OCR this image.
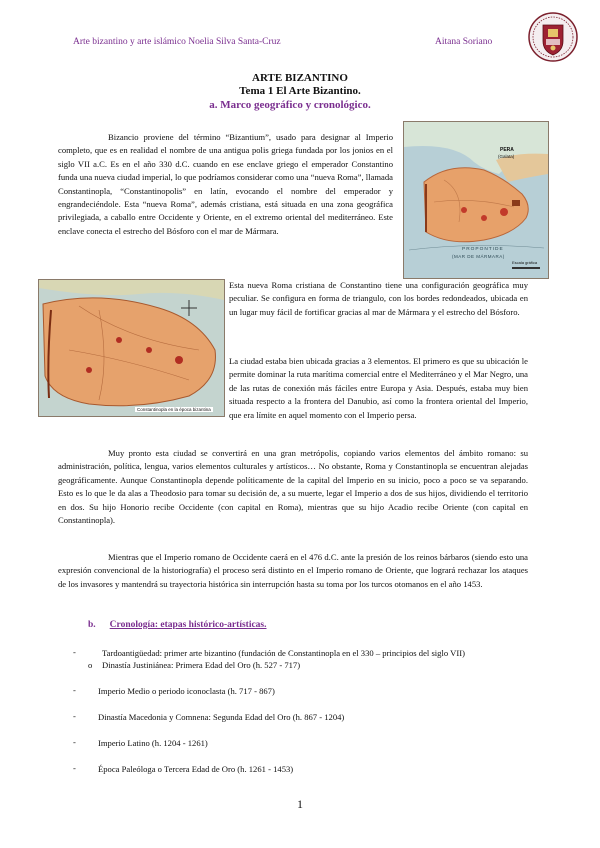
Arte bizantino y arte islámico Noelia Silva Santa-Cruz	Aitana Soriano
ARTE BIZANTINO
Tema 1 El Arte Bizantino.
a. Marco geográfico y cronológico.
Bizancio proviene del término “Bizantium”, usado para designar al Imperio completo, que es en realidad el nombre de una antigua polis griega fundada por los jonios en el siglo VII a.C. Es en el año 330 d.C. cuando en ese enclave griego el emperador Constantino funda una nueva ciudad imperial, lo que podríamos considerar como una “nueva Roma”, llamada Constantinopla, “Constantinopolis” en latín, evocando el nombre del emperador y engrandeciéndole. Esta “nueva Roma”, además cristiana, está situada en una zona geográfica privilegiada, a caballo entre Occidente y Oriente, en el extremo oriental del mediterráneo. Este enclave conecta el estrecho del Bósforo con el mar de Mármara.
PERA
(Galata)
PROPONTIDE
(MAR DE MÁRMARA)
Escala gráfica
Constantinopla en la época bizantina
Esta nueva Roma cristiana de Constantino tiene una configuración geográfica muy peculiar. Se configura en forma de triangulo, con los bordes redondeados, ubicada en un lugar muy fácil de fortificar gracias al mar de Mármara y el estrecho del Bósforo.
La ciudad estaba bien ubicada gracias a 3 elementos. El primero es que su ubicación le permite dominar la ruta marítima comercial entre el Mediterráneo y el Mar Negro, una de las rutas de conexión más fáciles entre Europa y Asia. Después, estaba muy bien situada respecto a la frontera del Danubio, así como la frontera oriental del Imperio, que era límite en aquel momento con el Imperio persa.
Muy pronto esta ciudad se convertirá en una gran metrópolis, copiando varios elementos del ámbito romano: su administración, política, lengua, varios elementos culturales y artísticos… No obstante, Roma y Constantinopla se encuentran alejadas geográficamente. Aunque Constantinopla depende políticamente de la capital del Imperio en su inicio, poco a poco se va separando. Esto es lo que le da alas a Theodosio para tomar su decisión de, a su muerte, legar el Imperio a dos de sus hijos, dividiendo el territorio en dos. Su hijo Honorio recibe Occidente (con capital en Roma), mientras que su hijo Acadio recibe Oriente (con capital en Constantinopla).
Mientras que el Imperio romano de Occidente caerá en el 476 d.C. ante la presión de los reinos bárbaros (siendo esto una expresión convencional de la historiografía) el proceso será distinto en el Imperio romano de Oriente, que logrará rechazar los ataques de los invasores y mantendrá su trayectoria histórica sin interrupción hasta su toma por los turcos otomanos en el año 1453.
b. Cronología: etapas histórico-artísticas.
-	Tardoantigüedad: primer arte bizantino (fundación de Constantinopla en el 330 – principios del siglo VII)
o Dinastía Justiniánea: Primera Edad del Oro (h. 527 - 717)
-	Imperio Medio o periodo iconoclasta (h. 717 - 867)
-	Dinastía Macedonia y Comnena: Segunda Edad del Oro (h. 867 - 1204)
-	Imperio Latino (h. 1204 - 1261)
-	Época Paleóloga o Tercera Edad de Oro (h. 1261 - 1453)
1
